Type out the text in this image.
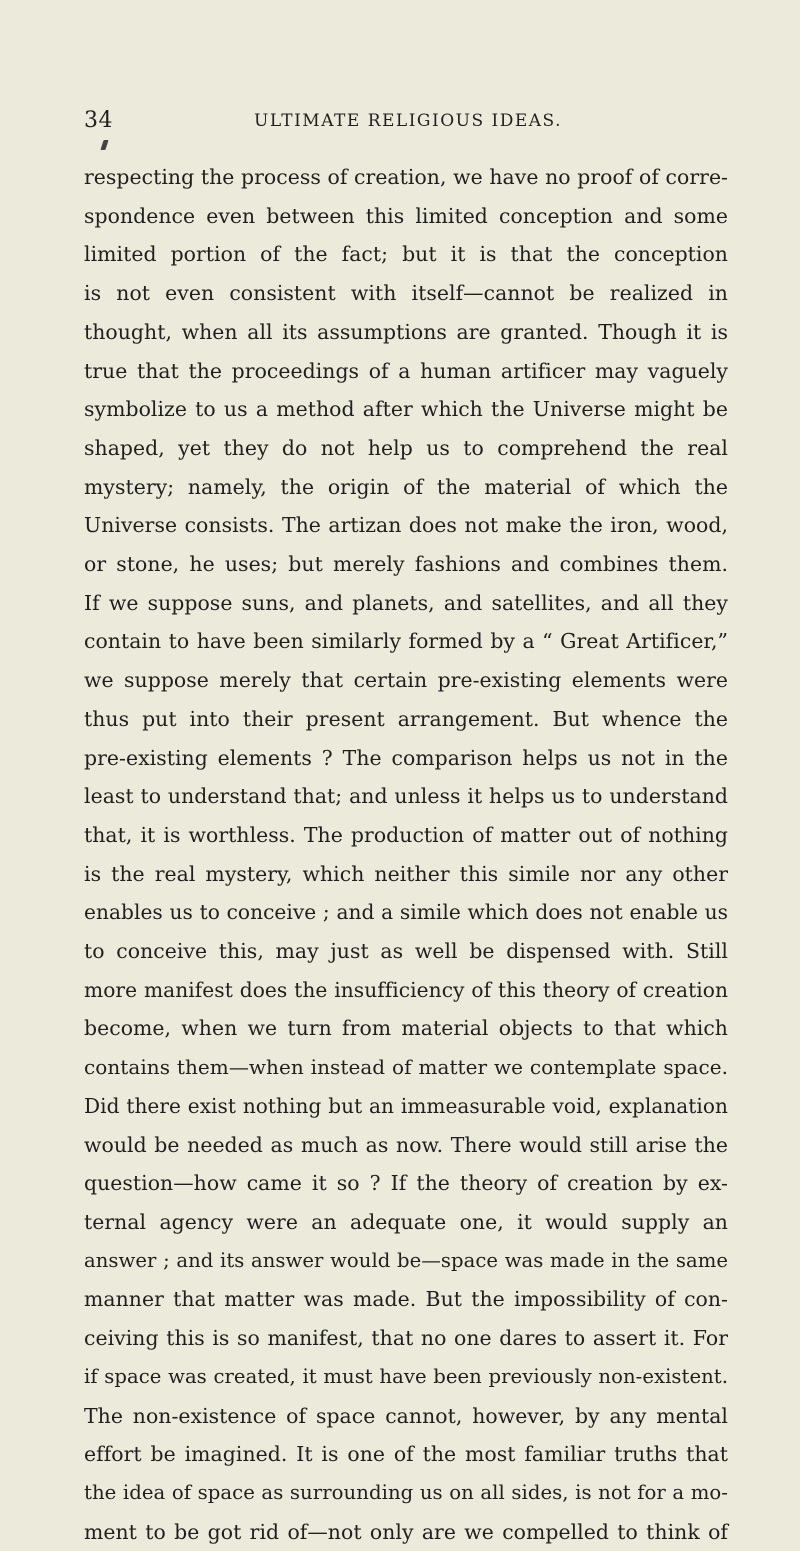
34	ULTIMATE RELIGIOUS IDEAS.
respecting the process of creation, we have no proof of corre-
spondence even between this limited conception and some
limited portion of the fact; but it is that the conception
is not even consistent with itself—cannot be realized in
thought, when all its assumptions are granted. Though it is
true that the proceedings of a human artificer may vaguely
symbolize to us a method after which the Universe might be
shaped, yet they do not help us to comprehend the real
mystery; namely, the origin of the material of which the
Universe consists. The artizan does not make the iron, wood,
or stone, he uses; but merely fashions and combines them.
If we suppose suns, and planets, and satellites, and all they
contain to have been similarly formed by a “ Great Artificer,”
we suppose merely that certain pre-existing elements were
thus put into their present arrangement. But whence the
pre-existing elements ? The comparison helps us not in the
least to understand that; and unless it helps us to understand
that, it is worthless. The production of matter out of nothing
is the real mystery, which neither this simile nor any other
enables us to conceive ; and a simile which does not enable us
to conceive this, may just as well be dispensed with. Still
more manifest does the insufficiency of this theory of creation
become, when we turn from material objects to that which
contains them—when instead of matter we contemplate space.
Did there exist nothing but an immeasurable void, explanation
would be needed as much as now. There would still arise the
question—how came it so ? If the theory of creation by ex-
ternal agency were an adequate one, it would supply an
answer ; and its answer would be—space was made in the same
manner that matter was made. But the impossibility of con-
ceiving this is so manifest, that no one dares to assert it. For
if space was created, it must have been previously non-existent.
The non-existence of space cannot, however, by any mental
effort be imagined. It is one of the most familiar truths that
the idea of space as surrounding us on all sides, is not for a mo-
ment to be got rid of—not only are we compelled to think of
